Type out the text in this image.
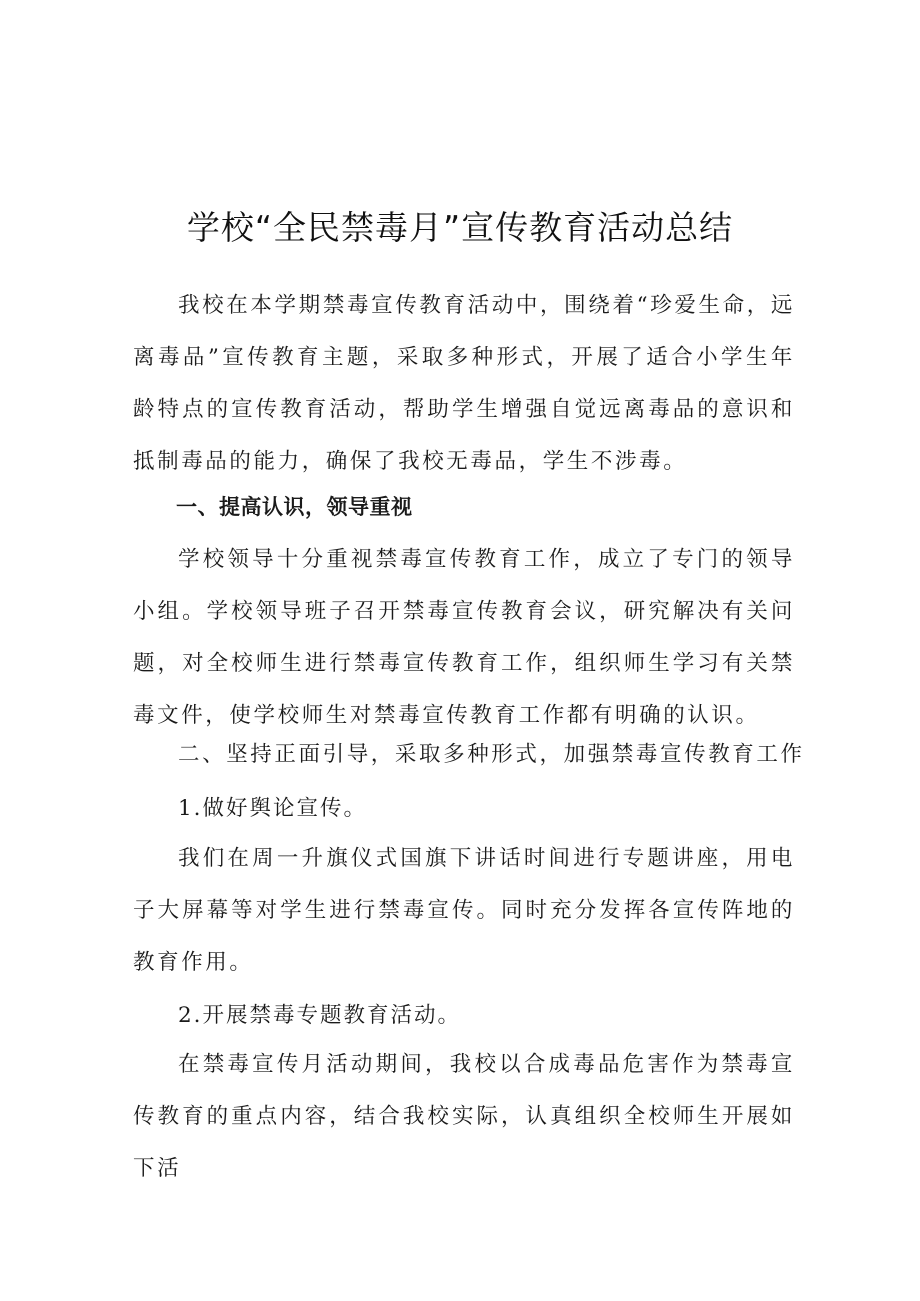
学校“全民禁毒月”宣传教育活动总结

我校在本学期禁毒宣传教育活动中，围绕着“珍爱生命，远离毒品”宣传教育主题，采取多种形式，开展了适合小学生年龄特点的宣传教育活动，帮助学生增强自觉远离毒品的意识和抵制毒品的能力，确保了我校无毒品，学生不涉毒。

一、提高认识，领导重视

学校领导十分重视禁毒宣传教育工作，成立了专门的领导小组。学校领导班子召开禁毒宣传教育会议，研究解决有关问题，对全校师生进行禁毒宣传教育工作，组织师生学习有关禁毒文件，使学校师生对禁毒宣传教育工作都有明确的认识。

二、坚持正面引导，采取多种形式，加强禁毒宣传教育工作
1.做好舆论宣传。

我们在周一升旗仪式国旗下讲话时间进行专题讲座，用电子大屏幕等对学生进行禁毒宣传。同时充分发挥各宣传阵地的教育作用。

2.开展禁毒专题教育活动。

在禁毒宣传月活动期间，我校以合成毒品危害作为禁毒宣传教育的重点内容，结合我校实际，认真组织全校师生开展如下活
